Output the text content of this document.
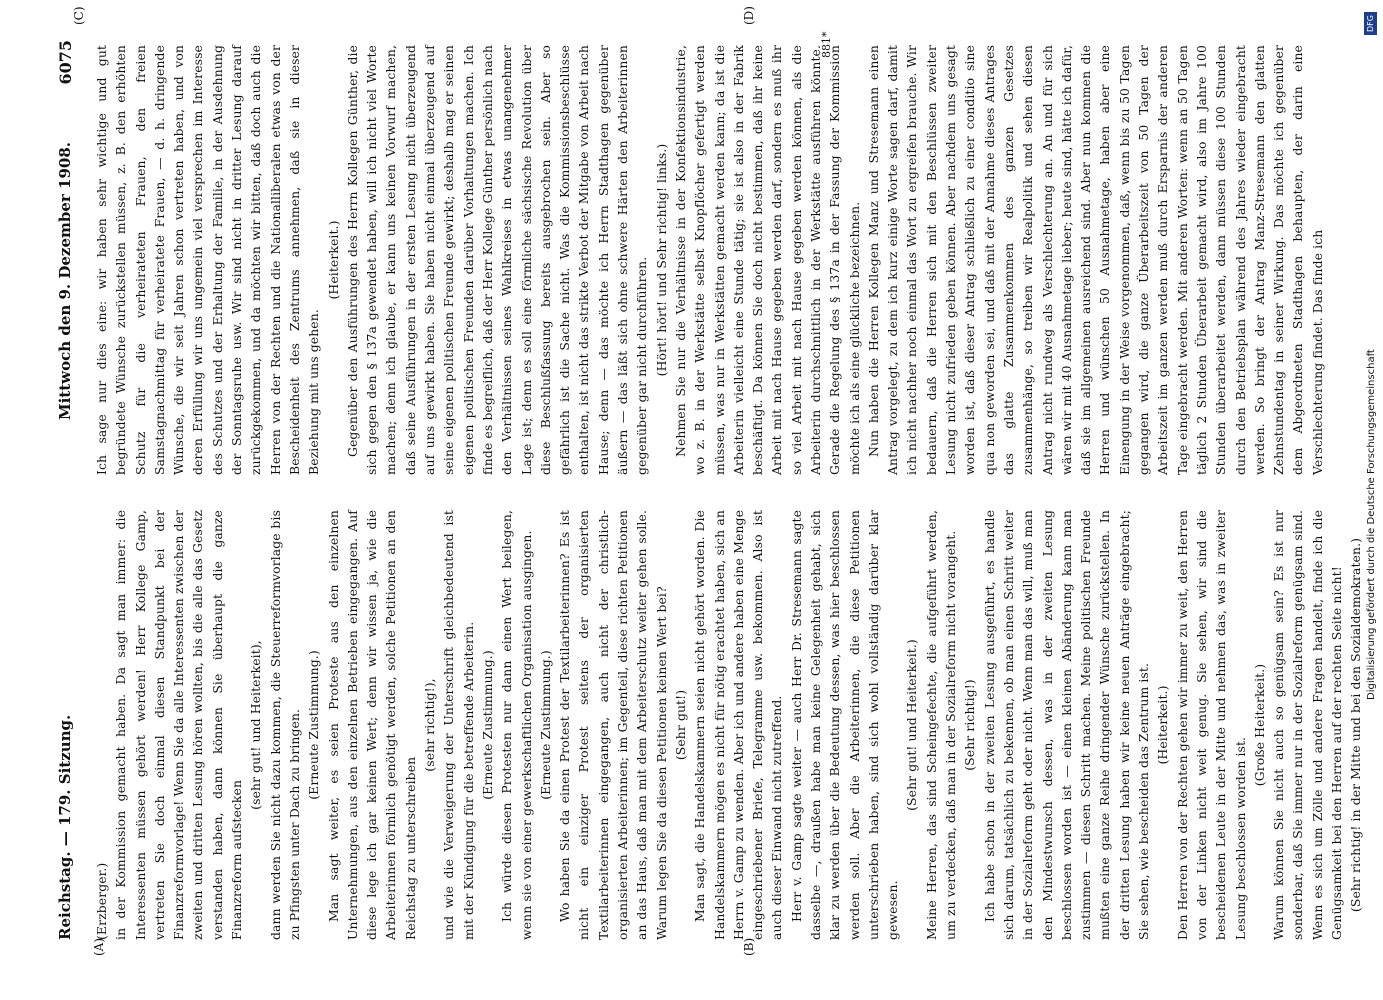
Reichstag. — 179. Sitzung.
Mittwoch den 9. Dezember 1908.
6075
(A)	(B)
(C)	(D)

(Erzberger.) in der Kommission gemacht haben. Da sagt man immer: die Interessenten müssen gehört werden! Herr Kollege Gamp, vertreten Sie doch einmal diesen Standpunkt bei der Finanzreformvorlage! Wenn Sie da alle Interessenten zwischen der zweiten und dritten Lesung hören wollten, bis die alle das Gesetz verstanden haben, dann können Sie überhaupt die ganze Finanzreform aufstecken

(sehr gut! und Heiterkeit), dann werden Sie nicht dazu kommen, die Steuerreformvorlage bis zu Pfingsten unter Dach zu bringen. (Erneute Zustimmung.) Man sagt weiter, es seien Proteste aus den einzelnen Unternehmungen, aus den einzelnen Betrieben eingegangen. Auf diese lege ich gar keinen Wert; denn wir wissen ja, wie die Arbeiterinnen förmlich genötigt werden, solche Petitionen an den Reichstag zu unterschreiben

(sehr richtig!), und wie die Verweigerung der Unterschrift gleichbedeutend ist mit der Kündigung für die betreffende Arbeiterin. (Erneute Zustimmung.) Ich würde diesen Protesten nur dann einen Wert beilegen, wenn sie von einer gewerkschaftlichen Organisation ausgingen. (Erneute Zustimmung.) Wo haben Sie da einen Protest der Textilarbeiterinnen? Es ist nicht ein einziger Protest seitens der organisierten Textilarbeiterinnen eingegangen, auch nicht der christlich-organisierten Arbeiterinnen; im Gegenteil, diese richten Petitionen an das Haus, daß man mit dem Arbeiterschutz weiter gehen solle. Warum legen Sie da diesen Petitionen keinen Wert bei? (Sehr gut!) Man sagt, die Handelskammern seien nicht gehört worden. Die Handelskammern mögen es nicht für nötig erachtet haben, sich an Herrn v. Gamp zu wenden. Aber ich und andere haben eine Menge eingeschriebener Briefe, Telegramme usw. bekommen. Also ist auch dieser Einwand nicht zutreffend. Herr v. Gamp sagte weiter — auch Herr Dr. Stresemann sagte dasselbe —, draußen habe man keine Gelegenheit gehabt, sich klar zu werden über die Bedeutung dessen, was hier beschlossen werden soll. Aber die Arbeiterinnen, die diese Petitionen unterschrieben haben, sind sich wohl vollständig darüber klar gewesen.

(Sehr gut! und Heiterkeit.) Meine Herren, das sind Scheingefechte, die aufgeführt werden, um zu verdecken, daß man in der Sozialreform nicht vorangeht. (Sehr richtig!) Ich habe schon in der zweiten Lesung ausgeführt, es handle sich darum, tatsächlich zu bekennen, ob man einen Schritt weiter in der Sozialreform geht oder nicht. Wenn man das will, muß man den Mindestwunsch dessen, was in der zweiten Lesung beschlossen worden ist — einen kleinen Abänderung kann man zustimmen — diesen Schritt machen. Meine politischen Freunde mußten eine ganze Reihe dringender Wünsche zurückstellen. In der dritten Lesung haben wir keine neuen Anträge eingebracht; Sie sehen, wie bescheiden das Zentrum ist. (Heiterkeit.) Den Herren von der Rechten gehen wir immer zu weit, den Herren von der Linken nicht weit genug. Sie sehen, wir sind die bescheidenen Leute in der Mitte und nehmen das, was in zweiter Lesung beschlossen worden ist.

(Große Heiterkeit.) Warum können Sie nicht auch so genügsam sein? Es ist nur sonderbar, daß Sie immer nur in der Sozialreform genügsam sind. Wenn es sich um Zölle und andere Fragen handelt, finde ich die Genügsamkeit bei den Herren auf der rechten Seite nicht! (Sehr richtig! in der Mitte und bei den Sozialdemokraten.)

Ich sage nur dies eine: wir haben sehr wichtige und gut begründete Wünsche zurückstellen müssen, z. B. den erhöhten Schutz für die verheirateten Frauen, den freien Samstagnachmittag für verheiratete Frauen, — d. h. dringende Wünsche, die wir seit Jahren schon vertreten haben, und von deren Erfüllung wir uns ungemein viel versprechen im Interesse des Schutzes und der Erhaltung der Familie, in der Ausdehnung der Sonntagsruhe usw. Wir sind nicht in dritter Lesung darauf zurückgekommen, und da möchten wir bitten, daß doch auch die Herren von der Rechten und die Nationalliberalen etwas von der Bescheidenheit des Zentrums annehmen, daß sie in dieser Beziehung mit uns gehen.

(Heiterkeit.) Gegenüber den Ausführungen des Herrn Kollegen Günther, die sich gegen den § 137a gewendet haben, will ich nicht viel Worte machen; denn ich glaube, er kann uns keinen Vorwurf machen, daß seine Ausführungen in der ersten Lesung nicht überzeugend auf uns gewirkt haben. Sie haben nicht einmal überzeugend auf seine eigenen politischen Freunde gewirkt; deshalb mag er seinen eigenen politischen Freunden darüber Vorhaltungen machen. Ich finde es begreiflich, daß der Herr Kollege Günther persönlich nach den Verhältnissen seines Wahlkreises in etwas unangenehmer Lage ist; denn es soll eine förmliche sächsische Revolution über diese Beschlußfassung bereits ausgebrochen sein. Aber so gefährlich ist die Sache nicht. Was die Kommissionsbeschlüsse enthalten, ist nicht das strikte Verbot der Mitgabe von Arbeit nach Hause; denn — das möchte ich Herrn Stadthagen gegenüber äußern — das läßt sich ohne schwere Härten den Arbeiterinnen gegenüber gar nicht durchführen. (Hört! hört! und Sehr richtig! links.) Nehmen Sie nur die Verhältnisse in der Konfektionsindustrie, wo z. B. in der Werkstätte selbst Knopflöcher gefertigt werden müssen, was nur in Werkstätten gemacht werden kann; da ist die Arbeiterin vielleicht eine Stunde tätig; sie ist also in der Fabrik beschäftigt. Da können Sie doch nicht bestimmen, daß ihr keine Arbeit mit nach Hause gegeben werden darf, sondern es muß ihr so viel Arbeit mit nach Hause gegeben werden können, als die Arbeiterin durchschnittlich in der Werkstätte ausführen könnte. Gerade die Regelung des § 137a in der Fassung der Kommission möchte ich als eine glückliche bezeichnen. Nun haben die Herren Kollegen Manz und Stresemann einen Antrag vorgelegt, zu dem ich kurz einige Worte sagen darf, damit ich nicht nachher noch einmal das Wort zu ergreifen brauche. Wir bedauern, daß die Herren sich mit den Beschlüssen zweiter Lesung nicht zufrieden geben können. Aber nachdem uns gesagt worden ist, daß dieser Antrag schließlich zu einer conditio sine qua non geworden sei, und daß mit der Annahme dieses Antrages das glatte Zusammenkommen des ganzen Gesetzes zusammenhänge, so treiben wir Realpolitik und sehen diesen Antrag nicht rundweg als Verschlechterung an. An und für sich wären wir mit 40 Ausnahmetage lieber; heute sind, hätte ich dafür, daß sie im allgemeinen ausreichend sind. Aber nun kommen die Herren und wünschen 50 Ausnahmetage, haben aber eine Einengung in der Weise vorgenommen, daß, wenn bis zu 50 Tagen gegangen wird, die ganze Überarbeitszeit von 50 Tagen der Arbeitszeit im ganzen werden muß durch Ersparnis der anderen Tage eingebracht werden. Mit anderen Worten: wenn an 50 Tagen täglich 2 Stunden Überarbeit gemacht wird, also im Jahre 100 Stunden überarbeitet werden, dann müssen diese 100 Stunden durch den Betriebsplan während des Jahres wieder eingebracht werden. So bringt der Antrag Manz-Stresemann den glatten Zehnstundentag in seiner Wirkung. Das möchte ich gegenüber dem Abgeordneten Stadthagen behaupten, der darin eine Verschlechterung findet. Das finde ich

881*
Digitalisierung gefördert durch die Deutsche Forschungsgemeinschaft
DFG
